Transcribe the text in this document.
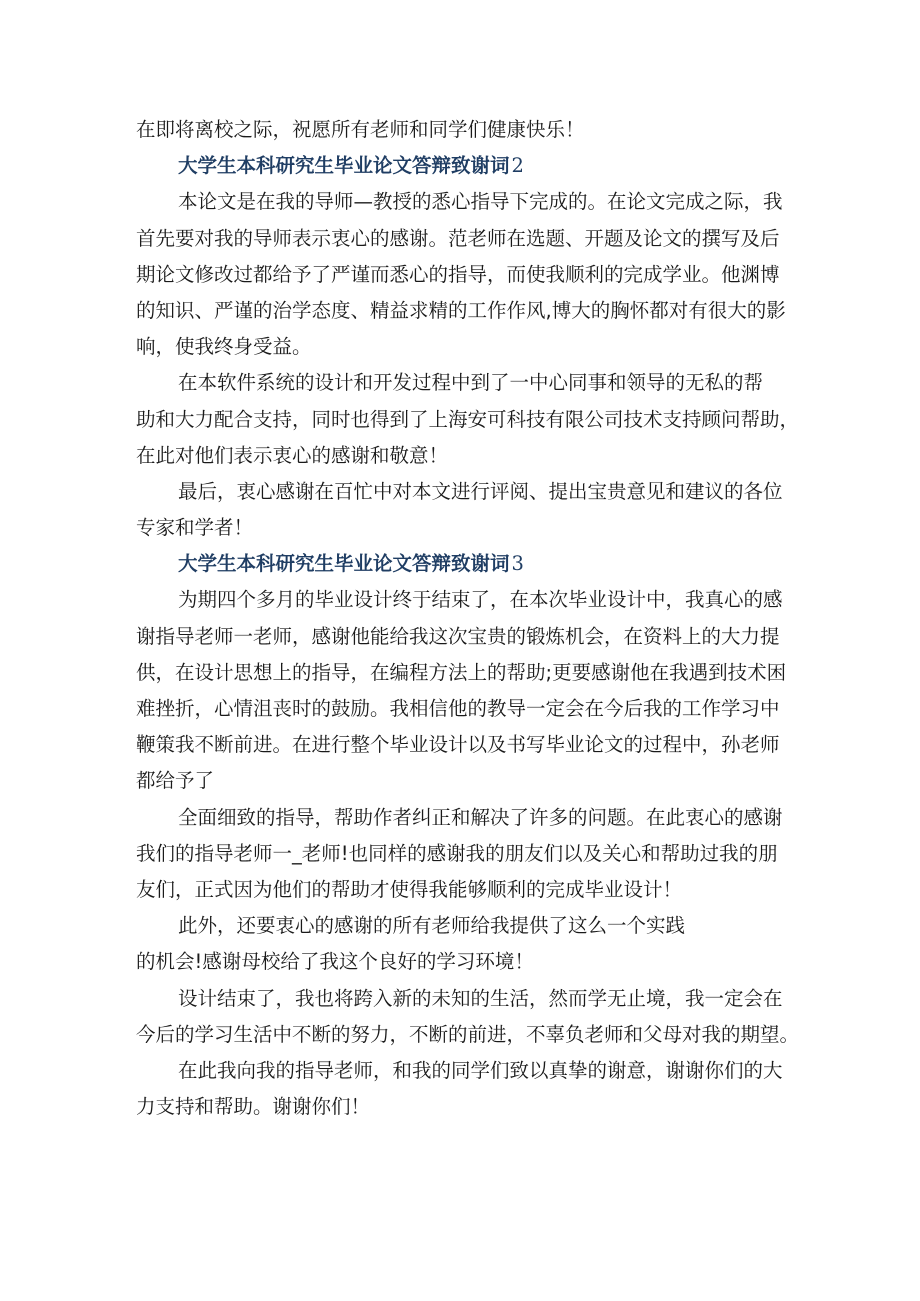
在即将离校之际，祝愿所有老师和同学们健康快乐！
大学生本科研究生毕业论文答辩致谢词 2
本论文是在我的导师—教授的悉心指导下完成的。在论文完成之际，我
首先要对我的导师表示衷心的感谢。范老师在选题、开题及论文的撰写及后
期论文修改过都给予了严谨而悉心的指导，而使我顺利的完成学业。他渊博
的知识、严谨的治学态度、精益求精的工作作风,博大的胸怀都对有很大的影
响，使我终身受益。
在本软件系统的设计和开发过程中到了一中心同事和领导的无私的帮
助和大力配合支持，同时也得到了上海安可科技有限公司技术支持顾问帮助，
在此对他们表示衷心的感谢和敬意！
最后，衷心感谢在百忙中对本文进行评阅、提出宝贵意见和建议的各位
专家和学者！
大学生本科研究生毕业论文答辩致谢词 3
为期四个多月的毕业设计终于结束了，在本次毕业设计中，我真心的感
谢指导老师一老师，感谢他能给我这次宝贵的锻炼机会，在资料上的大力提
供，在设计思想上的指导，在编程方法上的帮助;更要感谢他在我遇到技术困
难挫折，心情沮丧时的鼓励。我相信他的教导一定会在今后我的工作学习中
鞭策我不断前进。在进行整个毕业设计以及书写毕业论文的过程中，孙老师
都给予了
全面细致的指导，帮助作者纠正和解决了许多的问题。在此衷心的感谢
我们的指导老师一_老师!也同样的感谢我的朋友们以及关心和帮助过我的朋
友们，正式因为他们的帮助才使得我能够顺利的完成毕业设计！
此外，还要衷心的感谢的所有老师给我提供了这么一个实践
的机会!感谢母校给了我这个良好的学习环境！
设计结束了，我也将跨入新的未知的生活，然而学无止境，我一定会在
今后的学习生活中不断的努力，不断的前进，不辜负老师和父母对我的期望。
在此我向我的指导老师，和我的同学们致以真挚的谢意，谢谢你们的大
力支持和帮助。谢谢你们！
